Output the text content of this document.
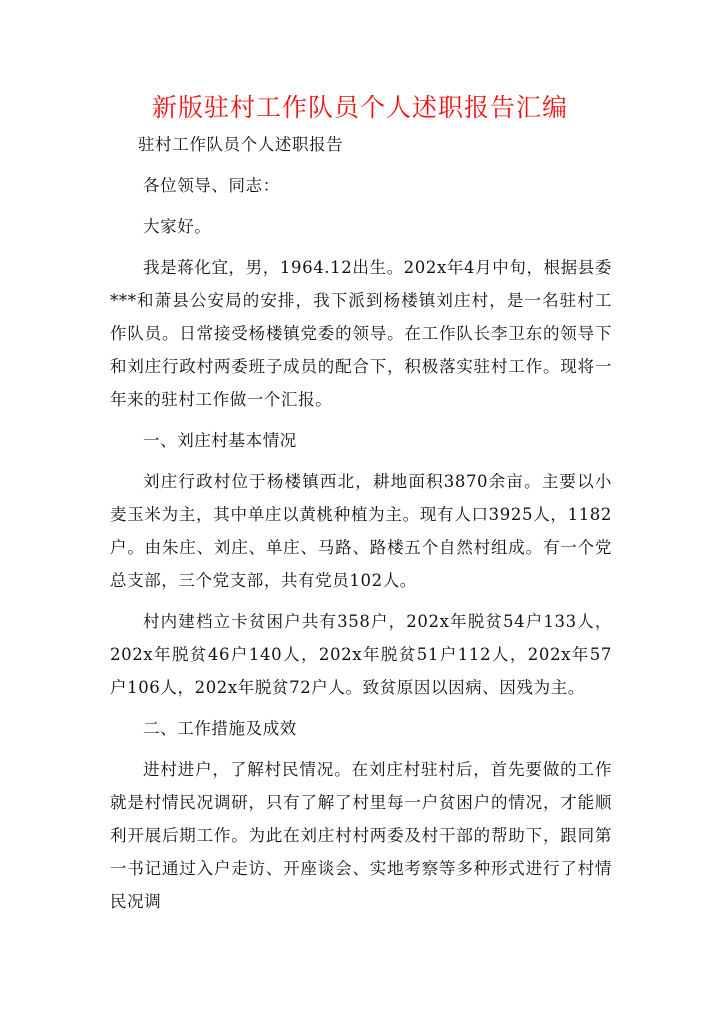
新版驻村工作队员个人述职报告汇编

驻村工作队员个人述职报告

各位领导、同志：

大家好。

我是蒋化宜，男，1964.12出生。202x年4月中旬，根据县委***和萧县公安局的安排，我下派到杨楼镇刘庄村，是一名驻村工作队员。日常接受杨楼镇党委的领导。在工作队长李卫东的领导下和刘庄行政村两委班子成员的配合下，积极落实驻村工作。现将一年来的驻村工作做一个汇报。

一、刘庄村基本情况

刘庄行政村位于杨楼镇西北，耕地面积3870余亩。主要以小麦玉米为主，其中单庄以黄桃种植为主。现有人口3925人，1182户。由朱庄、刘庄、单庄、马路、路楼五个自然村组成。有一个党总支部，三个党支部，共有党员102人。

村内建档立卡贫困户共有358户，202x年脱贫54户133人，202x年脱贫46户140人，202x年脱贫51户112人，202x年57户106人，202x年脱贫72户人。致贫原因以因病、因残为主。

二、工作措施及成效

进村进户，了解村民情况。在刘庄村驻村后，首先要做的工作就是村情民况调研，只有了解了村里每一户贫困户的情况，才能顺利开展后期工作。为此在刘庄村村两委及村干部的帮助下，跟同第一书记通过入户走访、开座谈会、实地考察等多种形式进行了村情民况调
